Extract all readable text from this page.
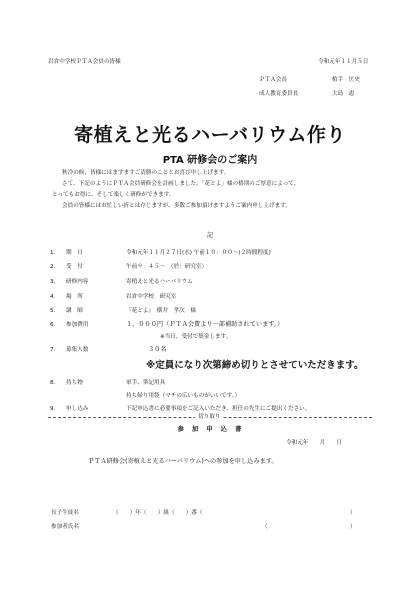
岩倉中学校ＰＴＡ会員の皆様	令和元年１１月５日
ＰＴＡ会長	植手　匡史
成人教育委員長	大島　恵
寄植えと光るハーバリウム作り
PTA 研修会のご案内
秋冷の候、皆様にはますますご清勝のこととお喜び申し上げます。
さて、下記のようにＰＴＡ会員研修会を計画しました。「花とよ」様の格別のご厚意によって、
とってもお得に、そして楽しく研修ができます。
会員の皆様にはお忙しい折とは存じますが、多数ご参加頂けますようご案内申し上げます。
記
1. 期　日	令和元年１１月２７日(水) 午前１０：００〜(２時間程度)
2. 受　付	午前９：４５〜　（於：研究室）
3. 研修内容	寄植えと光るハーバリウム
4. 場　所	岩倉中学校　研究室
5. 講　師	『花とよ』　横井　孝次　様
6. 参加費用	１，０００円（ＰＴＡ会費より一部補助されています。）
※当日、受付で集金します。
7. 募集人数	３０名
※定員になり次第締め切りとさせていただきます。
8. 持ち物	軍手、筆記用具
持ち帰り用袋（マチの広いものがいいです。）
9. 申し込み	下記申込書に必要事項をご記入いただき、担任の先生にご提出ください。
切り取り
参　加　申　込　書
令和元年　　月　　日
ＰＴＡ研修会(寄植えと光るハーバリウム)への参加を申し込みます。
長子生徒名	（　　）年（　　）組（　　）番（	）
参加者氏名	（	）
